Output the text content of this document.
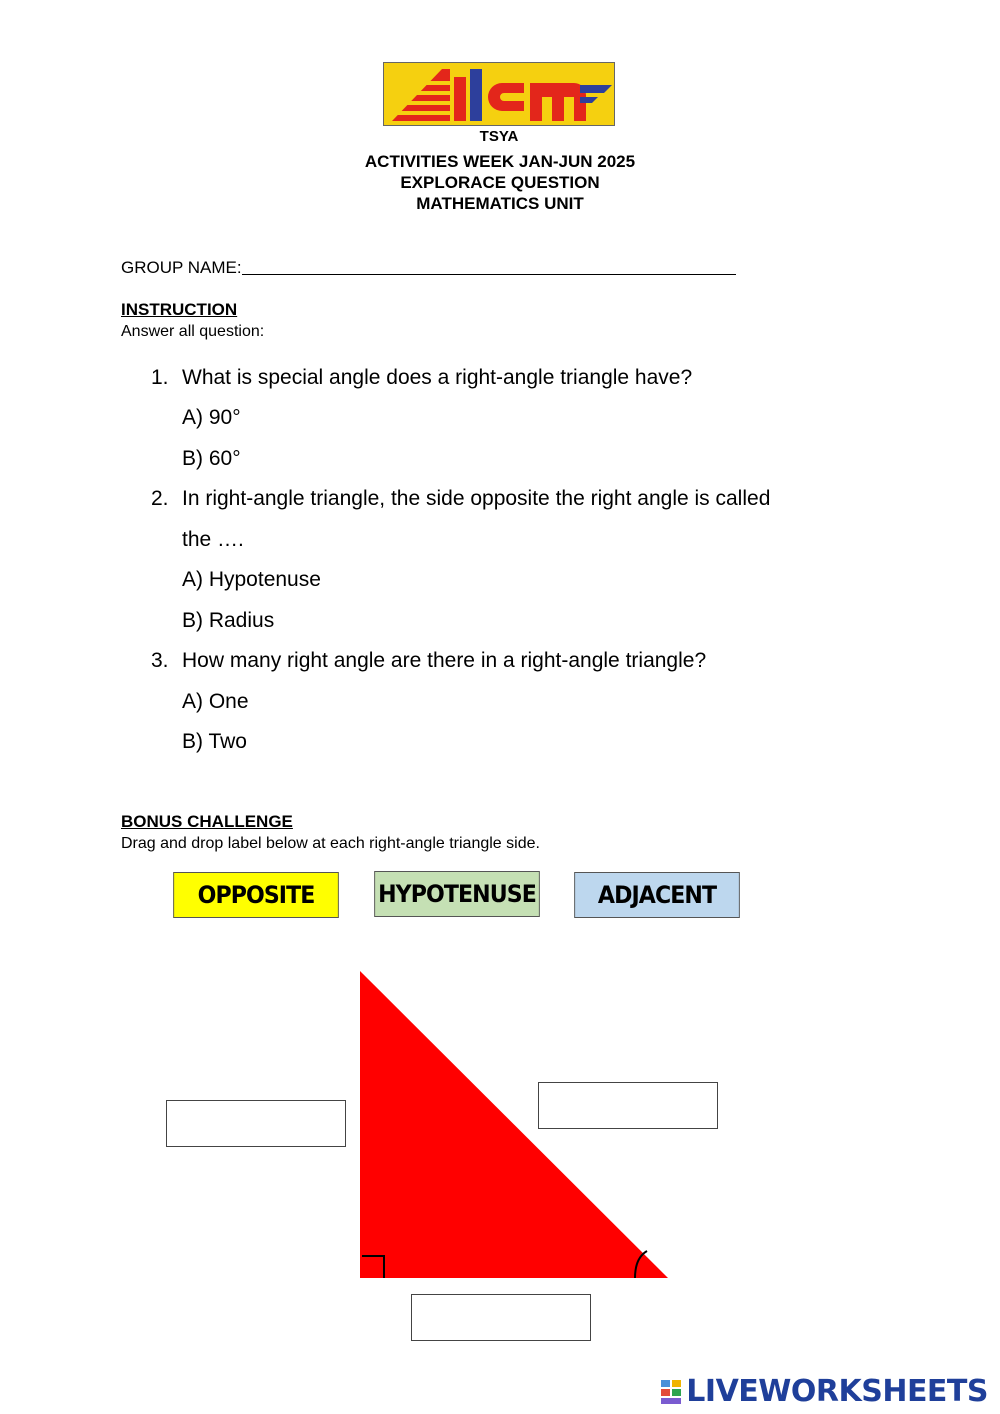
TSYA
ACTIVITIES WEEK JAN-JUN 2025
EXPLORACE QUESTION
MATHEMATICS UNIT
GROUP NAME:
INSTRUCTION
Answer all question:
1. What is special angle does a right-angle triangle have?
A) 90°
B) 60°
2. In right-angle triangle, the side opposite the right angle is called
the ….
A) Hypotenuse
B) Radius
3. How many right angle are there in a right-angle triangle?
A) One
B) Two
BONUS CHALLENGE
Drag and drop label below at each right-angle triangle side.
OPPOSITE	HYPOTENUSE	ADJACENT
LIVEWORKSHEETS
